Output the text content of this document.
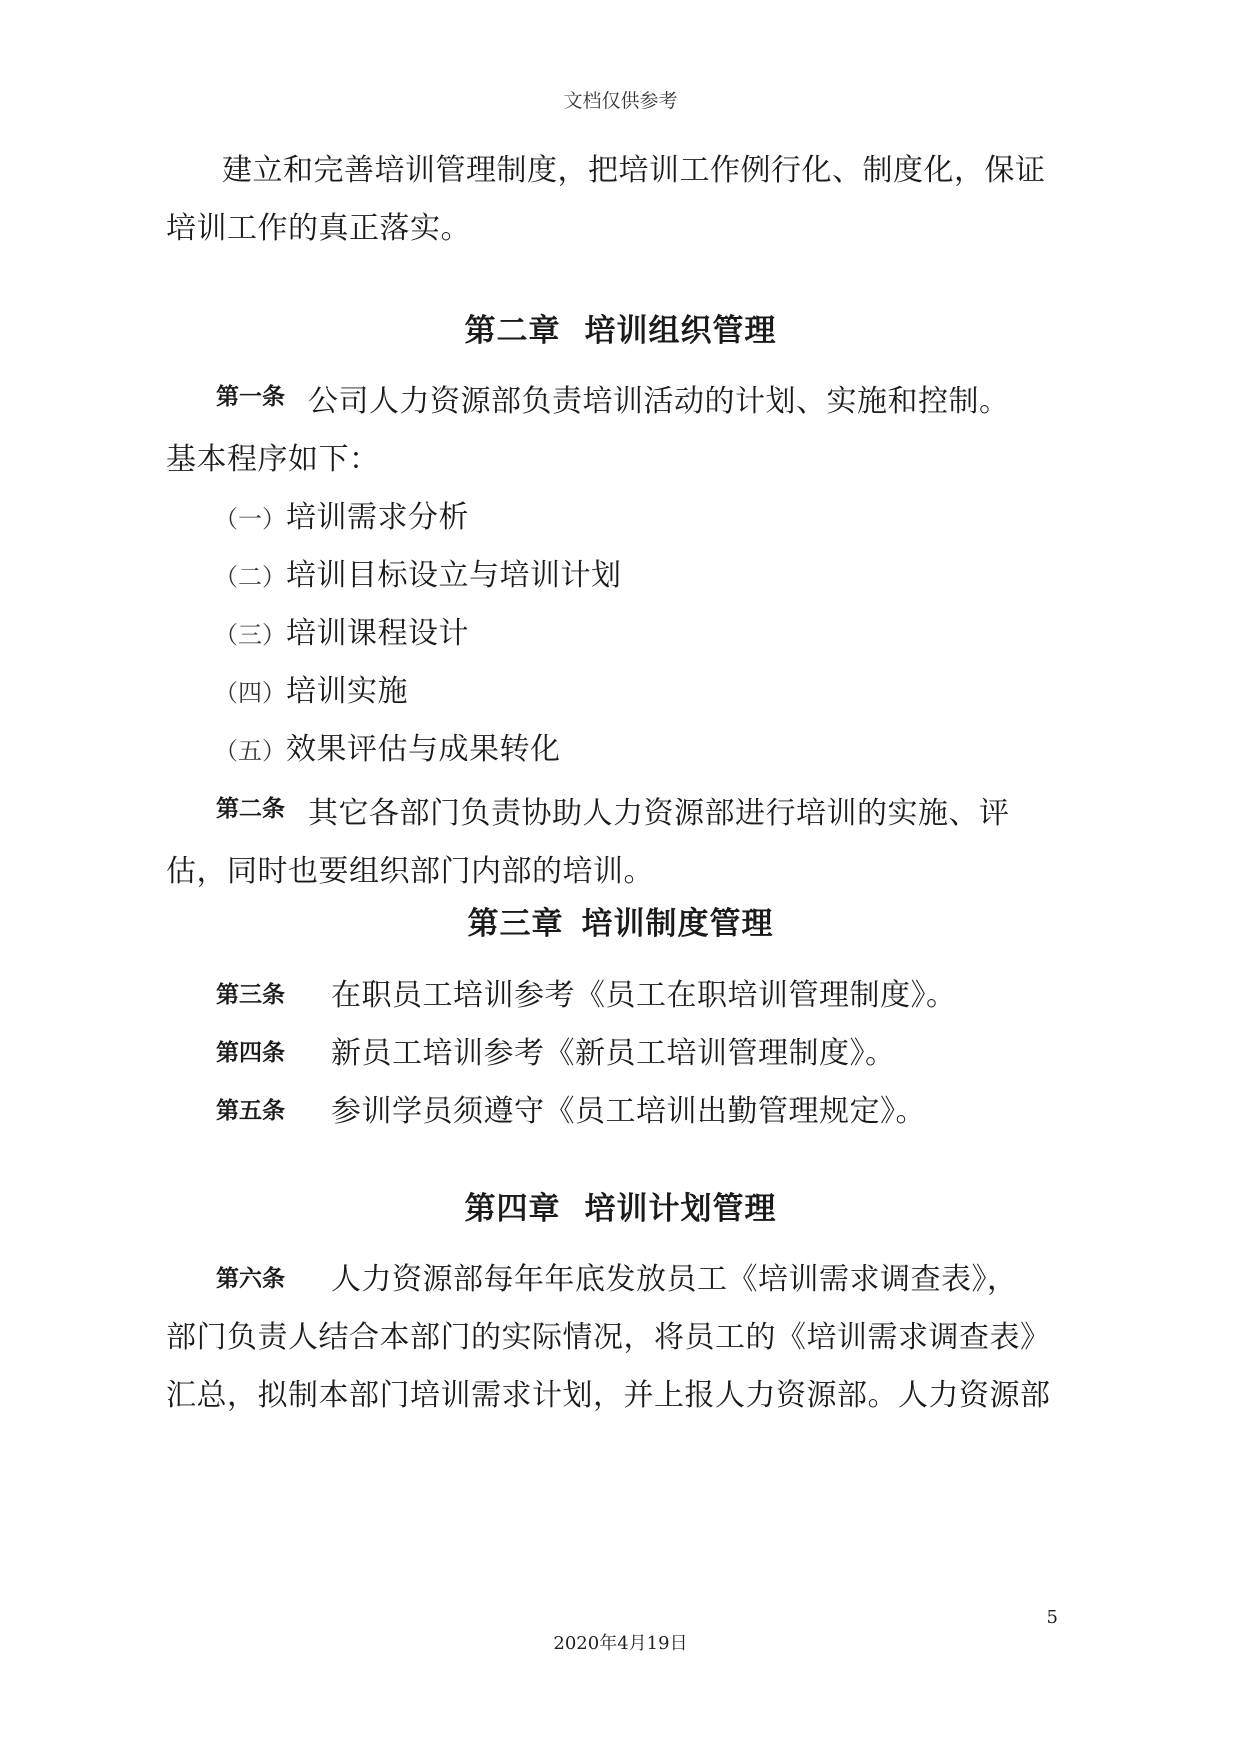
文档仅供参考
建立和完善培训管理制度，把培训工作例行化、制度化，保证
培训工作的真正落实。
第二章 培训组织管理
第一条 公司人力资源部负责培训活动的计划、实施和控制。
基本程序如下：
（一）培训需求分析
（二）培训目标设立与培训计划
（三）培训课程设计
（四）培训实施
（五）效果评估与成果转化
第二条 其它各部门负责协助人力资源部进行培训的实施、评
估，同时也要组织部门内部的培训。
第三章 培训制度管理
第三条 在职员工培训参考《员工在职培训管理制度》。
第四条 新员工培训参考《新员工培训管理制度》。
第五条 参训学员须遵守《员工培训出勤管理规定》。
第四章 培训计划管理
第六条 人力资源部每年年底发放员工《培训需求调查表》，
部门负责人结合本部门的实际情况，将员工的《培训需求调查表》
汇总，拟制本部门培训需求计划，并上报人力资源部。人力资源部
5
2020年4月19日
